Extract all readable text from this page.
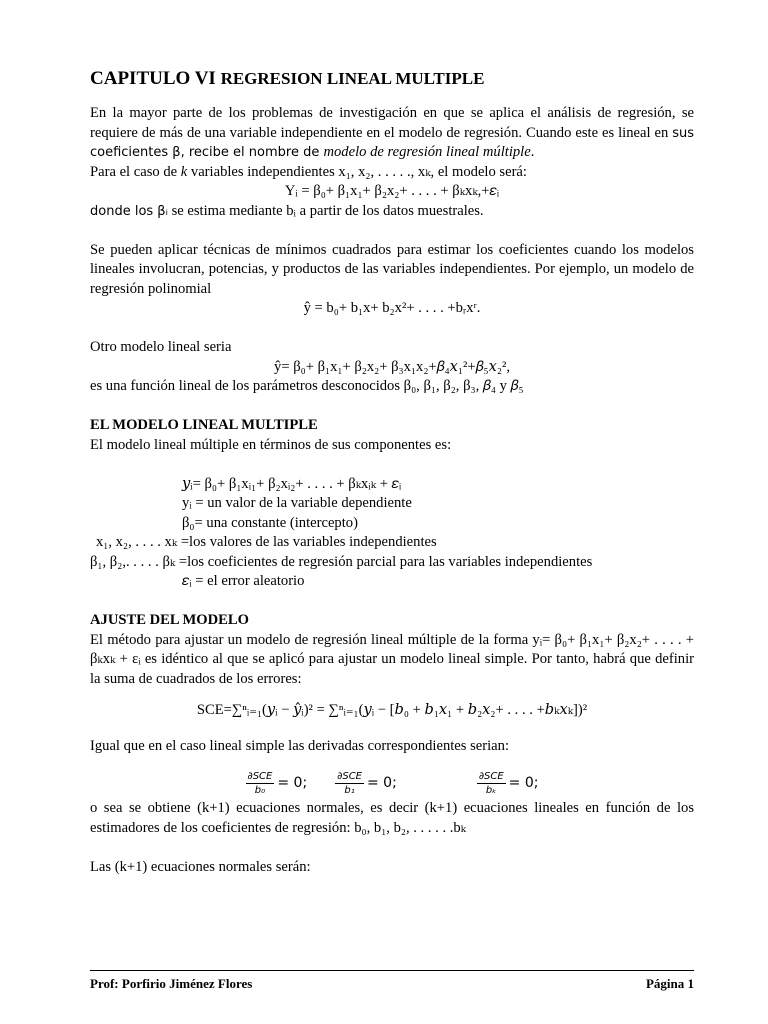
CAPITULO VI REGRESION LINEAL MULTIPLE

En la mayor parte de los problemas de investigación en que se aplica el análisis de regresión, se requiere de más de una variable independiente en el modelo de regresión. Cuando este es lineal en sus coeficientes β, recibe el nombre de modelo de regresión lineal múltiple.

Para el caso de k variables independientes x₁, x₂, . . . . ., xₖ, el modelo será:

Yᵢ = β₀+ β₁x₁+ β₂x₂+ . . . . + βₖxₖ,+𝜀ᵢ

donde los βᵢ se estima mediante bᵢ a partir de los datos muestrales.

Se pueden aplicar técnicas de mínimos cuadrados para estimar los coeficientes cuando los modelos lineales involucran, potencias, y productos de las variables independientes. Por ejemplo, un modelo de regresión polinomial

ŷ = b₀+ b₁x+ b₂x²+ . . . . +bᵣxʳ.

Otro modelo lineal seria

ŷ= β₀+ β₁x₁+ β₂x₂+ β₃x₁x₂+𝛽₄𝑥₁²+𝛽₅𝑥₂²,

es una función lineal de los parámetros desconocidos β₀, β₁, β₂, β₃, 𝛽₄ y 𝛽₅

EL MODELO LINEAL MULTIPLE

El modelo lineal múltiple en términos de sus componentes es:

𝑦ᵢ= β₀+ β₁xᵢ₁+ β₂xᵢ₂+ . . . . + βₖxᵢₖ + 𝜀ᵢ

yᵢ = un valor de la variable dependiente

β₀= una constante (intercepto)

x₁, x₂, . . . . xₖ =los valores de las variables independientes

β₁, β₂,. . . . . βₖ =los coeficientes de regresión parcial para las variables independientes

𝜀ᵢ = el error aleatorio

AJUSTE DEL MODELO

El método para ajustar un modelo de regresión lineal múltiple de la forma yᵢ= β₀+ β₁x₁+ β₂x₂+ . . . . + βₖxₖ + εᵢ es idéntico al que se aplicó para ajustar un modelo lineal simple. Por tanto, habrá que definir la suma de cuadrados de los errores:

SCE=∑ⁿᵢ₌₁(𝑦ᵢ − 𝑦̂ᵢ)² = ∑ⁿᵢ₌₁(𝑦ᵢ − [𝑏₀ + 𝑏₁𝑥₁ + 𝑏₂𝑥₂+ . . . . +𝑏ₖ𝑥ₖ])²

Igual que en el caso lineal simple las derivadas correspondientes serian:

$\frac{\text{∂SCE}}{\text{b₀}} = 0$;	$\frac{\text{∂SCE}}{\text{b₁}} = 0$;	$\frac{\text{∂SCE}}{\text{bₖ}} = 0$;

o sea se obtiene (k+1) ecuaciones normales, es decir (k+1) ecuaciones lineales en función de los estimadores de los coeficientes de regresión: b₀, b₁, b₂, . . . . . .bₖ

Las (k+1) ecuaciones normales serán:

Prof: Porfirio Jiménez Flores	Página 1
